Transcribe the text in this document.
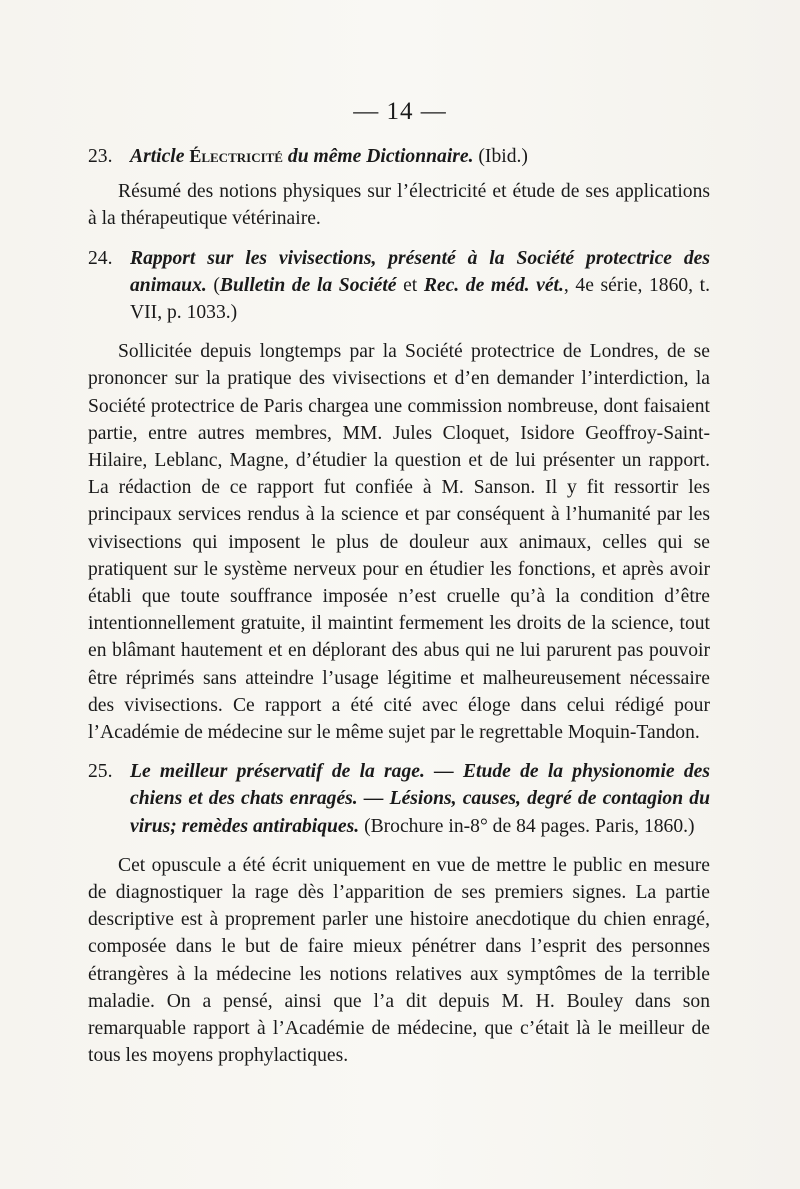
— 14 —

23. Article Électricité du même Dictionnaire. (Ibid.)

Résumé des notions physiques sur l’électricité et étude de ses applications à la thérapeutique vétérinaire.

24. Rapport sur les vivisections, présenté à la Société protectrice des animaux. (Bulletin de la Société et Rec. de méd. vét., 4e série, 1860, t. VII, p. 1033.)

Sollicitée depuis longtemps par la Société protectrice de Londres, de se prononcer sur la pratique des vivisections et d’en demander l’interdiction, la Société protectrice de Paris chargea une commission nombreuse, dont faisaient partie, entre autres membres, MM. Jules Cloquet, Isidore Geoffroy-Saint-Hilaire, Leblanc, Magne, d’étudier la question et de lui présenter un rapport. La rédaction de ce rapport fut confiée à M. Sanson. Il y fit ressortir les principaux services rendus à la science et par conséquent à l’humanité par les vivisections qui imposent le plus de douleur aux animaux, celles qui se pratiquent sur le système nerveux pour en étudier les fonctions, et après avoir établi que toute souffrance imposée n’est cruelle qu’à la condition d’être intentionnellement gratuite, il maintint fermement les droits de la science, tout en blâmant hautement et en déplorant des abus qui ne lui parurent pas pouvoir être réprimés sans atteindre l’usage légitime et malheureusement nécessaire des vivisections. Ce rapport a été cité avec éloge dans celui rédigé pour l’Académie de médecine sur le même sujet par le regrettable Moquin-Tandon.

25. Le meilleur préservatif de la rage. — Etude de la physionomie des chiens et des chats enragés. — Lésions, causes, degré de contagion du virus; remèdes antirabiques. (Brochure in-8° de 84 pages. Paris, 1860.)

Cet opuscule a été écrit uniquement en vue de mettre le public en mesure de diagnostiquer la rage dès l’apparition de ses premiers signes. La partie descriptive est à proprement parler une histoire anecdotique du chien enragé, composée dans le but de faire mieux pénétrer dans l’esprit des personnes étrangères à la médecine les notions relatives aux symptômes de la terrible maladie. On a pensé, ainsi que l’a dit depuis M. H. Bouley dans son remarquable rapport à l’Académie de médecine, que c’était là le meilleur de tous les moyens prophylactiques.
